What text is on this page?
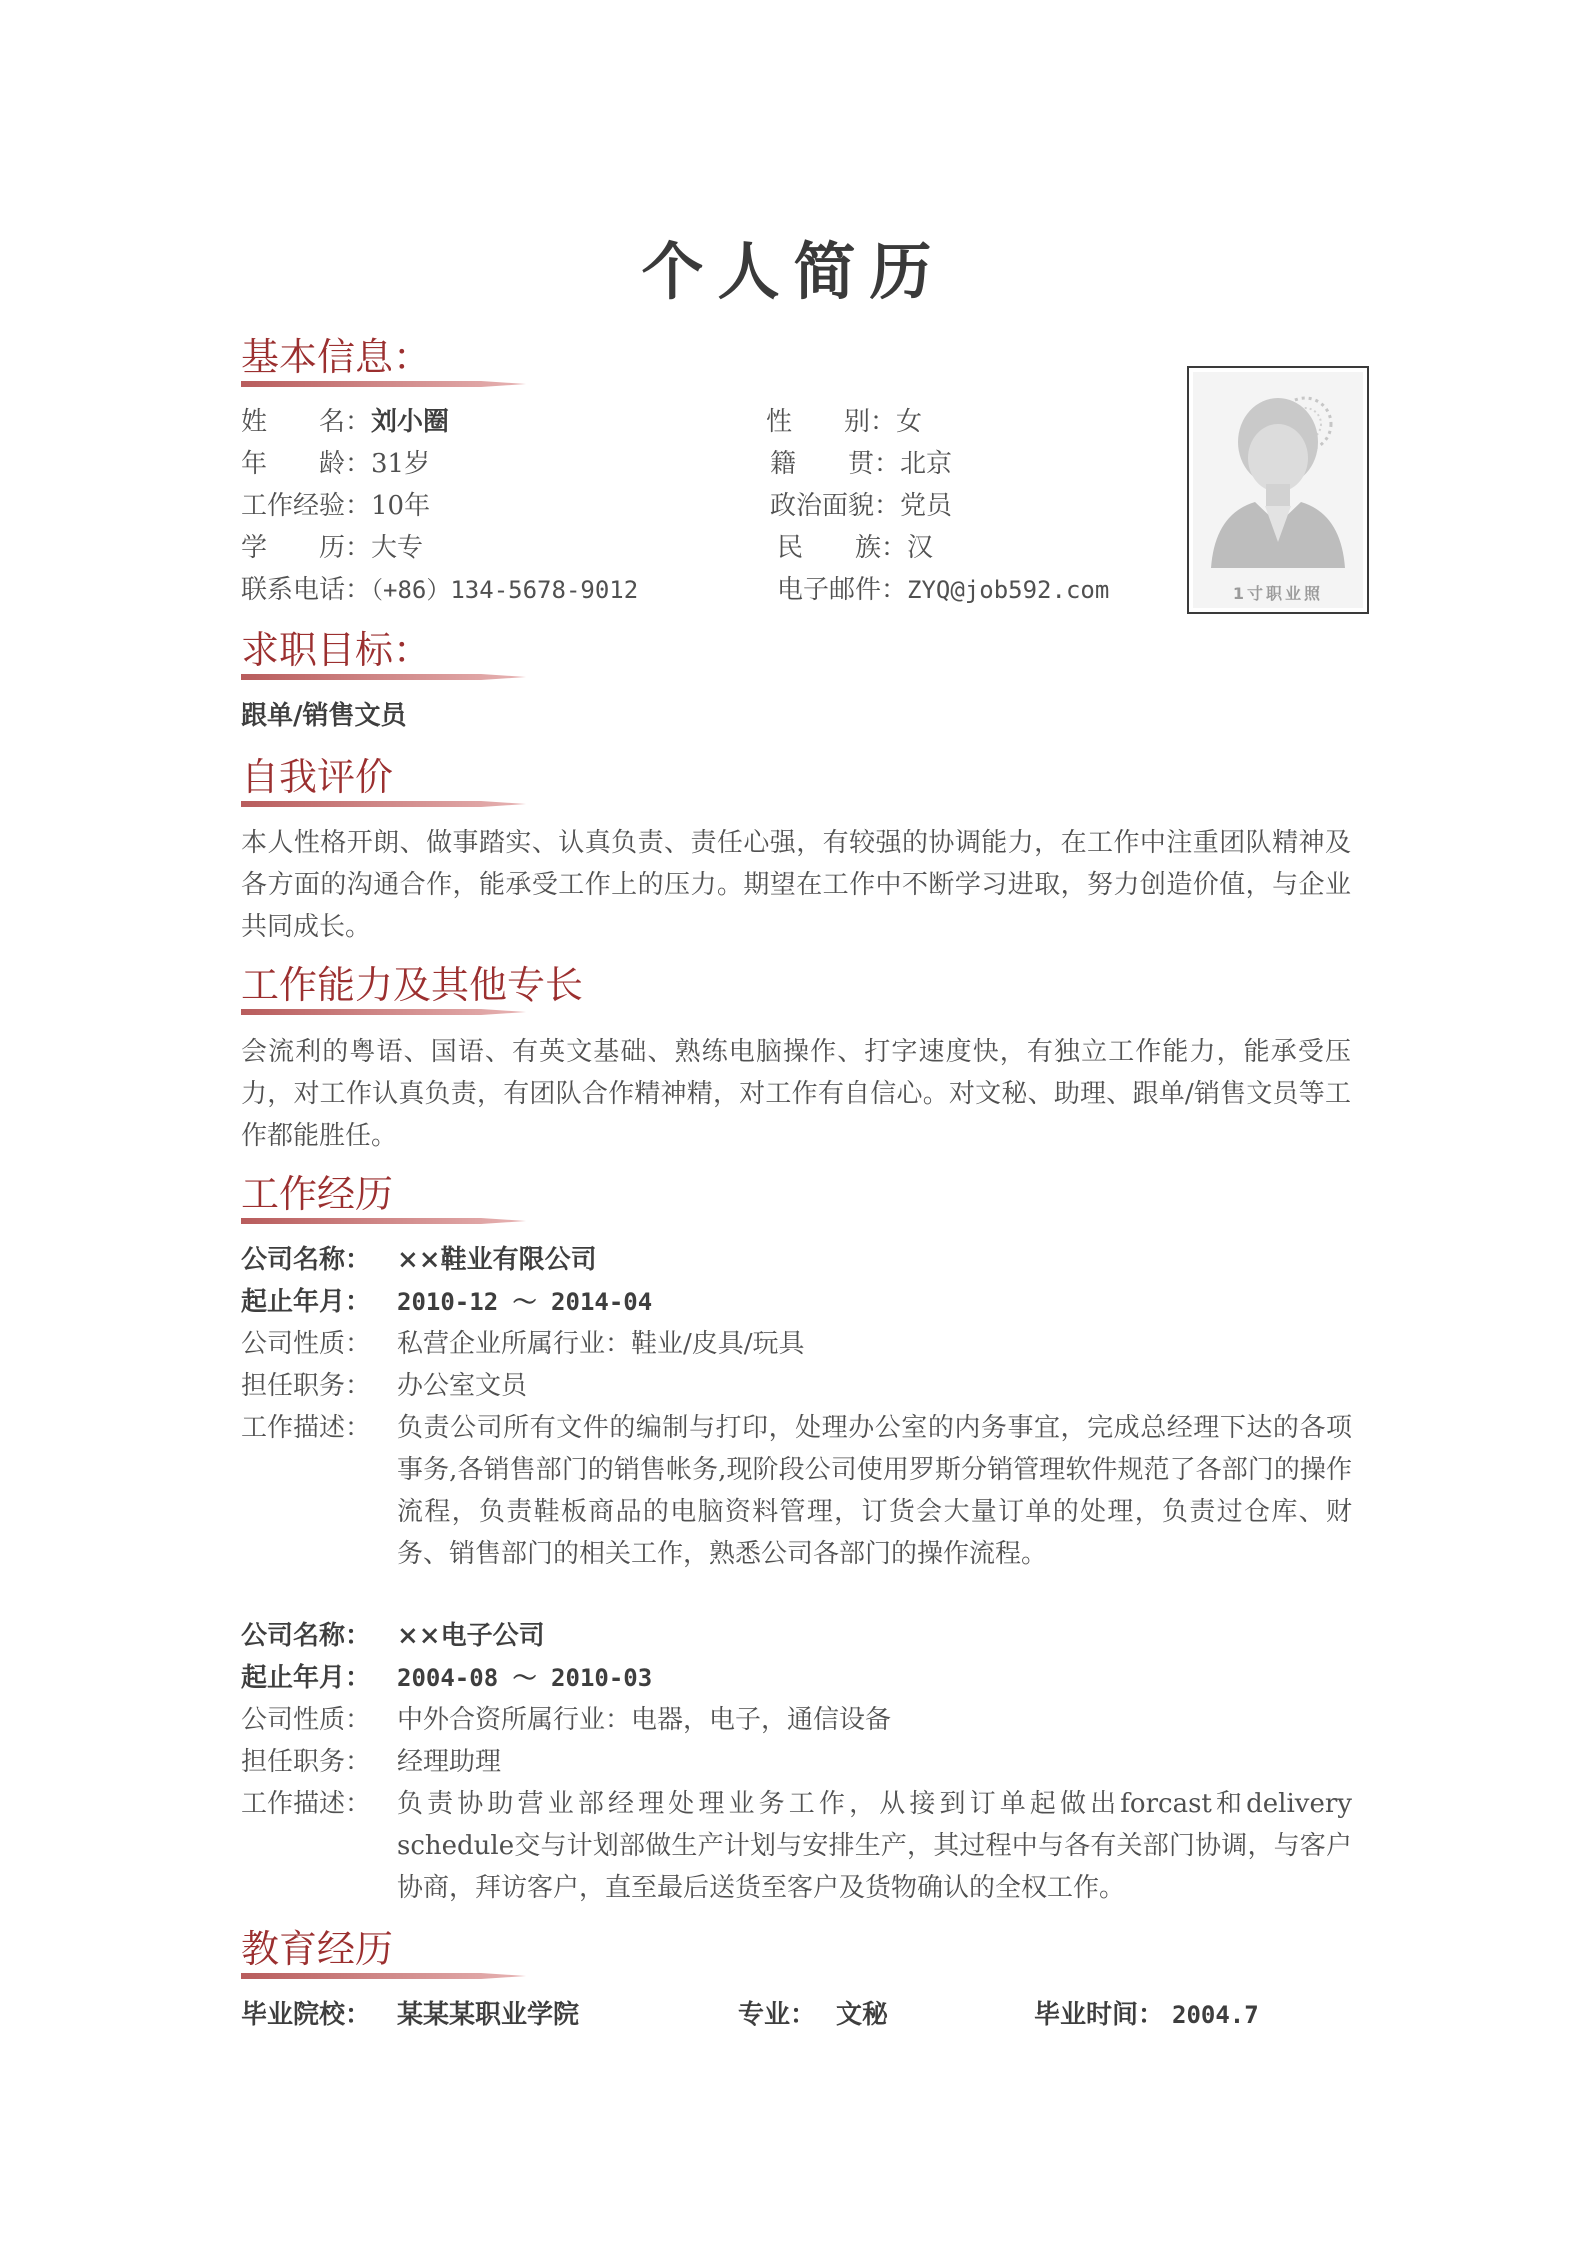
个人简历
基本信息：
姓　　名：刘小圈	性　　别：女
年　　龄：31岁	籍　　贯：北京
工作经验：10年	政治面貌：党员
学　　历：大专	民　　族：汉
联系电话：（+86）134-5678-9012	电子邮件：ZYQ@job592.com	1寸职业照
求职目标：
跟单/销售文员
自我评价
本人性格开朗、做事踏实、认真负责、责任心强，有较强的协调能力，在工作中注重团队精神及各方面的沟通合作，能承受工作上的压力。期望在工作中不断学习进取，努力创造价值，与企业共同成长。
工作能力及其他专长
会流利的粤语、国语、有英文基础、熟练电脑操作、打字速度快，有独立工作能力，能承受压力，对工作认真负责，有团队合作精神精，对工作有自信心。对文秘、助理、跟单/销售文员等工作都能胜任。
工作经历
公司名称： ××鞋业有限公司
起止年月： 2010-12 ～ 2014-04
公司性质： 私营企业所属行业：鞋业/皮具/玩具
担任职务： 办公室文员
工作描述： 负责公司所有文件的编制与打印，处理办公室的内务事宜，完成总经理下达的各项事务,各销售部门的销售帐务,现阶段公司使用罗斯分销管理软件规范了各部门的操作流程，负责鞋板商品的电脑资料管理，订货会大量订单的处理，负责过仓库、财务、销售部门的相关工作，熟悉公司各部门的操作流程。
公司名称： ××电子公司
起止年月： 2004-08 ～ 2010-03
公司性质： 中外合资所属行业：电器，电子，通信设备
担任职务： 经理助理
工作描述： 负责协助营业部经理处理业务工作，从接到订单起做出forcast和delivery schedule交与计划部做生产计划与安排生产，其过程中与各有关部门协调，与客户协商，拜访客户，直至最后送货至客户及货物确认的全权工作。
教育经历
毕业院校： 某某某职业学院	专业： 文秘	毕业时间： 2004.7
